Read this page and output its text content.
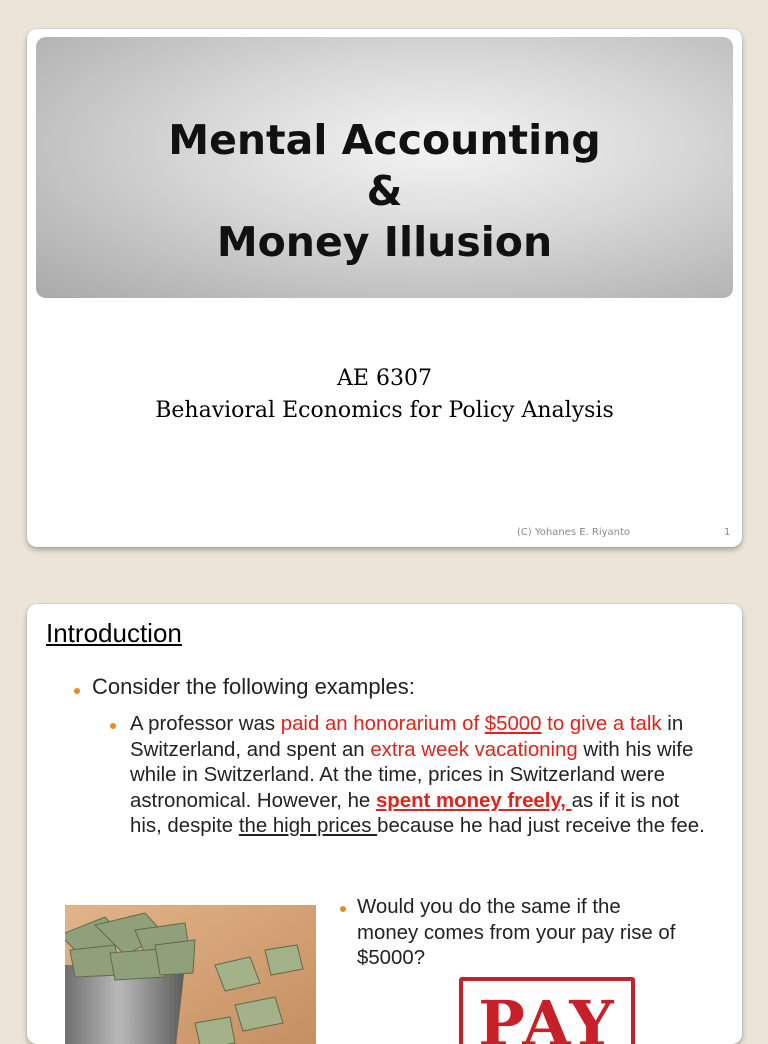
Mental Accounting
&
Money Illusion
AE 6307
Behavioral Economics for Policy Analysis
(C) Yohanes E. Riyanto	1
Introduction
Consider the following examples:
A professor was paid an honorarium of $5000 to give a talk in Switzerland, and spent an extra week vacationing with his wife while in Switzerland. At the time, prices in Switzerland were astronomical. However, he spent money freely, as if it is not his, despite the high prices because he had just receive the fee.
Would you do the same if the money comes from your pay rise of $5000?
PAY
